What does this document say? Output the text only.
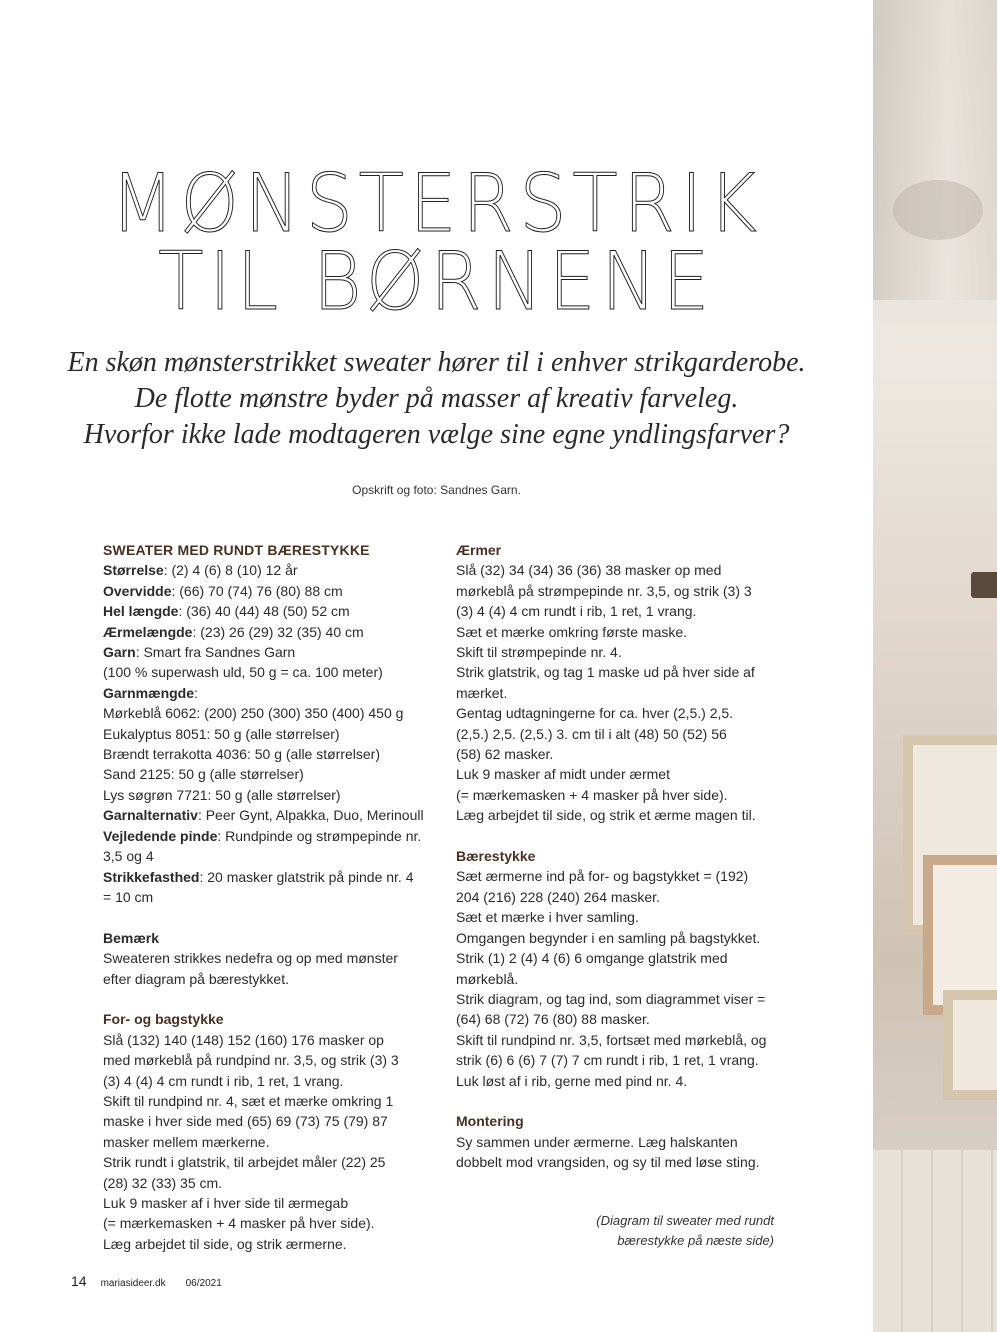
MØNSTERSTRIK
TIL BØRNENE
En skøn mønsterstrikket sweater hører til i enhver strikgarderobe.
De flotte mønstre byder på masser af kreativ farveleg.
Hvorfor ikke lade modtageren vælge sine egne yndlingsfarver?
Opskrift og foto: Sandnes Garn.

SWEATER MED RUNDT BÆRESTYKKE

Størrelse: (2) 4 (6) 8 (10) 12 år

Overvidde: (66) 70 (74) 76 (80) 88 cm

Hel længde: (36) 40 (44) 48 (50) 52 cm

Ærmelængde: (23) 26 (29) 32 (35) 40 cm

Garn: Smart fra Sandnes Garn

(100 % superwash uld, 50 g = ca. 100 meter)

Garnmængde:

Mørkeblå 6062: (200) 250 (300) 350 (400) 450 g

Eukalyptus 8051: 50 g (alle størrelser)

Brændt terrakotta 4036: 50 g (alle størrelser)

Sand 2125: 50 g (alle størrelser)

Lys søgrøn 7721: 50 g (alle størrelser)

Garnalternativ: Peer Gynt, Alpakka, Duo, Merinoull

Vejledende pinde: Rundpinde og strømpepinde nr.

3,5 og 4

Strikkefasthed: 20 masker glatstrik på pinde nr. 4

= 10 cm

Bemærk

Sweateren strikkes nedefra og op med mønster

efter diagram på bærestykket.

For- og bagstykke

Slå (132) 140 (148) 152 (160) 176 masker op

med mørkeblå på rundpind nr. 3,5, og strik (3) 3

(3) 4 (4) 4 cm rundt i rib, 1 ret, 1 vrang.

Skift til rundpind nr. 4, sæt et mærke omkring 1

maske i hver side med (65) 69 (73) 75 (79) 87

masker mellem mærkerne.

Strik rundt i glatstrik, til arbejdet måler (22) 25

(28) 32 (33) 35 cm.

Luk 9 masker af i hver side til ærmegab

(= mærkemasken + 4 masker på hver side).

Læg arbejdet til side, og strik ærmerne.

Ærmer

Slå (32) 34 (34) 36 (36) 38 masker op med

mørkeblå på strømpepinde nr. 3,5, og strik (3) 3

(3) 4 (4) 4 cm rundt i rib, 1 ret, 1 vrang.

Sæt et mærke omkring første maske.

Skift til strømpepinde nr. 4.

Strik glatstrik, og tag 1 maske ud på hver side af

mærket.

Gentag udtagningerne for ca. hver (2,5.) 2,5.

(2,5.) 2,5. (2,5.) 3. cm til i alt (48) 50 (52) 56

(58) 62 masker.

Luk 9 masker af midt under ærmet

(= mærkemasken + 4 masker på hver side).

Læg arbejdet til side, og strik et ærme magen til.

Bærestykke

Sæt ærmerne ind på for- og bagstykket = (192)

204 (216) 228 (240) 264 masker.

Sæt et mærke i hver samling.

Omgangen begynder i en samling på bagstykket.

Strik (1) 2 (4) 4 (6) 6 omgange glatstrik med

mørkeblå.

Strik diagram, og tag ind, som diagrammet viser =

(64) 68 (72) 76 (80) 88 masker.

Skift til rundpind nr. 3,5, fortsæt med mørkeblå, og

strik (6) 6 (6) 7 (7) 7 cm rundt i rib, 1 ret, 1 vrang.

Luk løst af i rib, gerne med pind nr. 4.

Montering

Sy sammen under ærmerne. Læg halskanten

dobbelt mod vrangsiden, og sy til med løse sting.

(Diagram til sweater med rundt
bærestykke på næste side)
14 mariasideer.dk 06/2021
